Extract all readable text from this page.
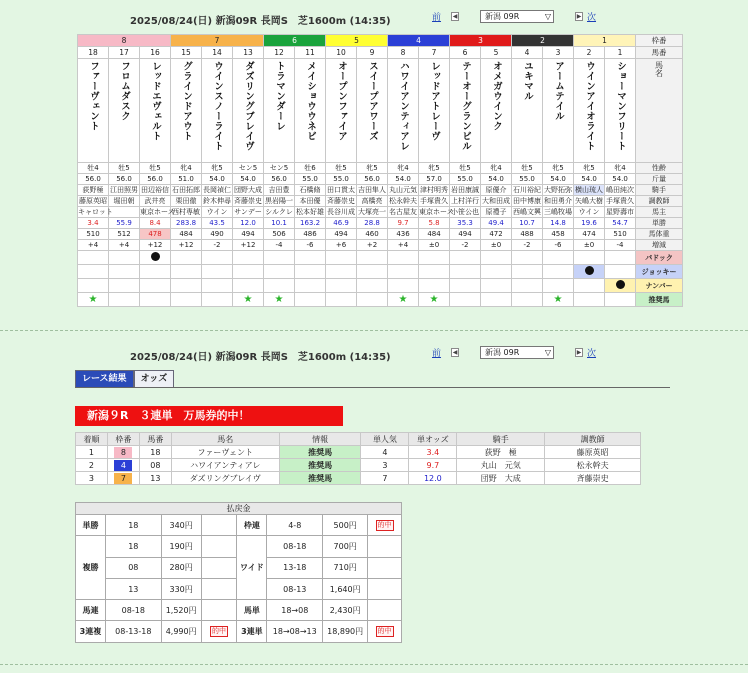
2025/08/24(日) 新潟09R 長岡S　芝1600m (14:35)	前 ◀	新潟 09R	▽	▶ 次
8			7			6		5		4		3		2		1		枠番
18	17	16	15	14	13	12	11	10	9	8	7	6	5	4	3	2	1	馬番
ファーヴェント	フロムダスク	レッドエヴェルト	グラインドアウト	ウインスノーライト	ダズリングブレイヴ	トラマンダーレ	メイショウウネビ	オープンファイア	スイープアワーズ	ハワイアンティアレ	レッドアトレーヴ	テーオーグランビル	オメガウインク	ユキマル	アームテイル	ウインアイオライト	ショーマンフリート	馬名
牡4	牡5	牡5	牝4	牝5	セン5	セン5	牡6	牡5	牝5	牝4	牝5	牡5	牝4	牡5	牝5	牝5	牝4	性齢
56.0	56.0	56.0	51.0	54.0	54.0	56.0	55.0	55.0	56.0	54.0	57.0	55.0	54.0	55.0	54.0	54.0	54.0	斤量
荻野極	江田照男	田辺裕信	石田拓郎	長岡禎仁	団野大成	吉田豊	石橋脩	田口貫太	吉田隼人	丸山元気	津村明秀	岩田康誠	原優介	石川裕紀	大野拓弥	横山琉人	嶋田純次	騎手
藤原英昭	堀田朝	武井亮	栗田徹	鈴木伸尋	斉藤崇史	黒岩陽一	本田優	斉藤崇史	高橋亮	松永幹夫	手塚貴久	上村洋行	大和田成	田中博康	和田勇介	矢嶋大樹	手塚貴久	調教師
キャロット		東京ホース	西村専敏	ウイン	サンデー	シルクレ	松本好雄	長谷川成	大塚亮一	名古屋友	東京ホース	小笹公也	原禮子	西嶋文興	三嶋牧場	ウイン	星野壽市	馬主
3.4	55.9	8.4	283.8	43.5	12.0	10.1	163.2	46.9	28.8	9.7	5.8	35.3	49.4	10.7	14.8	19.6	54.7	単勝
510	512	478	484	490	494	506	486	494	460	436	484	494	472	488	458	474	510	馬体重
+4	+4	+12	+12	-2	+12	-4	-6	+6	+2	+4	±0	-2	±0	-2	-6	±0	-4	増減
																		パドック
																		ジョッキー
																		ナンバー
★					★	★				★	★				★			推奨馬
2025/08/24(日) 新潟09R 長岡S　芝1600m (14:35)	前 ◀	新潟 09R	▽	▶ 次
レース結果	オッズ
新潟９R　３連単　万馬券的中！
着順	枠番	馬番	馬名	情報	単人気	単オッズ	騎手	調教師
1	8	18	ファーヴェント	推奨馬	4	3.4	荻野　極	藤原英昭
2	4	08	ハワイアンティアレ	推奨馬	3	9.7	丸山　元気	松永幹夫
3	7	13	ダズリングブレイヴ	推奨馬	7	12.0	団野　大成	斉藤崇史
払戻金							
単勝	18	340円		枠連	4-8	500円	的中
複勝	18	190円		ワイド	08-18	700円	
	08	280円			13-18	710円	
	13	330円			08-13	1,640円	
馬連	08-18	1,520円		馬単	18→08	2,430円	
3連複	08-13-18	4,990円	的中	3連単	18→08→13	18,890円	的中
